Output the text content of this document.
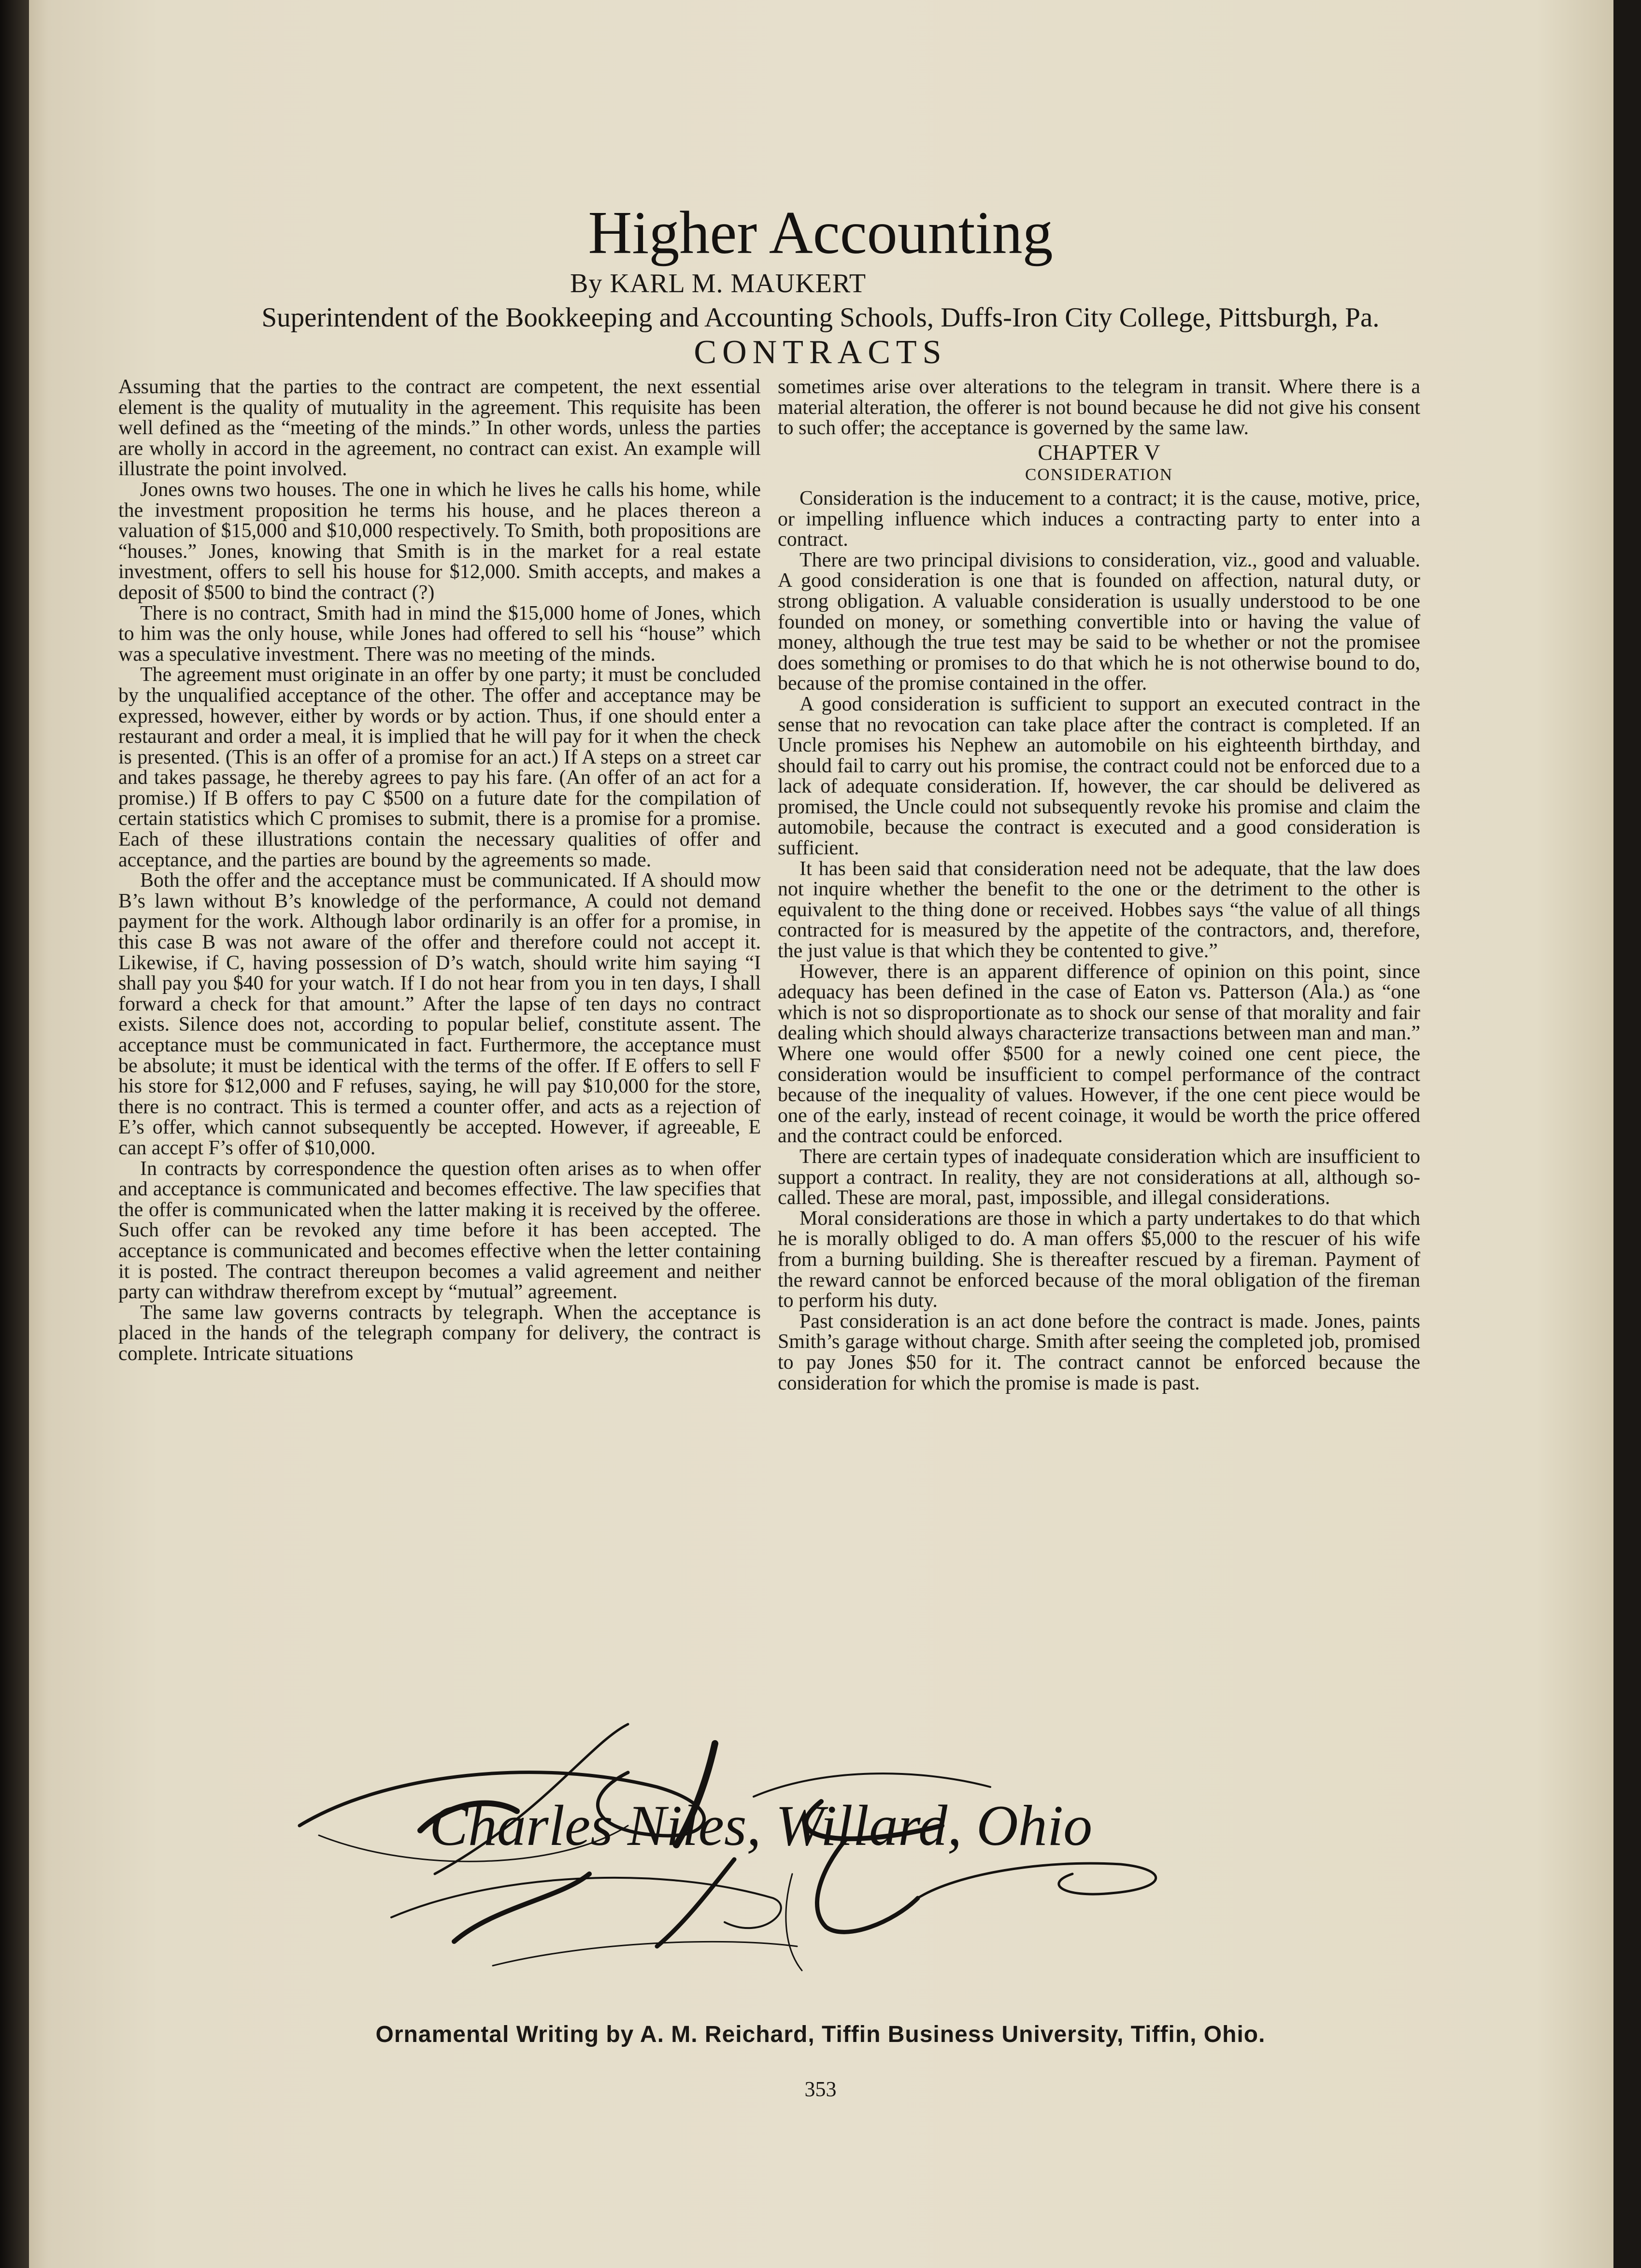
Higher Accounting
By KARL M. MAUKERT
Superintendent of the Bookkeeping and Accounting Schools, Duffs-Iron City College, Pittsburgh, Pa.
CONTRACTS

Assuming that the parties to the contract are competent, the next essential element is the quality of mutuality in the agreement. This requisite has been well defined as the “meeting of the minds.” In other words, unless the parties are wholly in accord in the agreement, no contract can exist. An example will illustrate the point involved.

Jones owns two houses. The one in which he lives he calls his home, while the investment proposition he terms his house, and he places thereon a valuation of $15,000 and $10,000 respectively. To Smith, both propositions are “houses.” Jones, knowing that Smith is in the market for a real estate investment, offers to sell his house for $12,000. Smith accepts, and makes a deposit of $500 to bind the contract (?)

There is no contract, Smith had in mind the $15,000 home of Jones, which to him was the only house, while Jones had offered to sell his “house” which was a speculative investment. There was no meeting of the minds.

The agreement must originate in an offer by one party; it must be concluded by the unqualified acceptance of the other. The offer and acceptance may be expressed, however, either by words or by action. Thus, if one should enter a restaurant and order a meal, it is implied that he will pay for it when the check is presented. (This is an offer of a promise for an act.) If A steps on a street car and takes passage, he thereby agrees to pay his fare. (An offer of an act for a promise.) If B offers to pay C $500 on a future date for the compilation of certain statistics which C promises to submit, there is a promise for a promise. Each of these illustrations contain the necessary qualities of offer and acceptance, and the parties are bound by the agreements so made.

Both the offer and the acceptance must be communicated. If A should mow B’s lawn without B’s knowledge of the performance, A could not demand payment for the work. Although labor ordinarily is an offer for a promise, in this case B was not aware of the offer and therefore could not accept it. Likewise, if C, having possession of D’s watch, should write him saying “I shall pay you $40 for your watch. If I do not hear from you in ten days, I shall forward a check for that amount.” After the lapse of ten days no contract exists. Silence does not, according to popular belief, constitute assent. The acceptance must be communicated in fact. Furthermore, the acceptance must be absolute; it must be identical with the terms of the offer. If E offers to sell F his store for $12,000 and F refuses, saying, he will pay $10,000 for the store, there is no contract. This is termed a counter offer, and acts as a rejection of E’s offer, which cannot subsequently be accepted. However, if agreeable, E can accept F’s offer of $10,000.

In contracts by correspondence the question often arises as to when offer and acceptance is communicated and becomes effective. The law specifies that the offer is communicated when the latter making it is received by the offeree. Such offer can be revoked any time before it has been accepted. The acceptance is communicated and becomes effective when the letter containing it is posted. The contract thereupon becomes a valid agreement and neither party can withdraw therefrom except by “mutual” agreement.

The same law governs contracts by telegraph. When the acceptance is placed in the hands of the telegraph company for delivery, the contract is complete. Intricate situations

sometimes arise over alterations to the telegram in transit. Where there is a material alteration, the offerer is not bound because he did not give his consent to such offer; the acceptance is governed by the same law.

CHAPTER V
CONSIDERATION

Consideration is the inducement to a contract; it is the cause, motive, price, or impelling influence which induces a contracting party to enter into a contract.

There are two principal divisions to consideration, viz., good and valuable. A good consideration is one that is founded on affection, natural duty, or strong obligation. A valuable consideration is usually understood to be one founded on money, or something convertible into or having the value of money, although the true test may be said to be whether or not the promisee does something or promises to do that which he is not otherwise bound to do, because of the promise contained in the offer.

A good consideration is sufficient to support an executed contract in the sense that no revocation can take place after the contract is completed. If an Uncle promises his Nephew an automobile on his eighteenth birthday, and should fail to carry out his promise, the contract could not be enforced due to a lack of adequate consideration. If, however, the car should be delivered as promised, the Uncle could not subsequently revoke his promise and claim the automobile, because the contract is executed and a good consideration is sufficient.

It has been said that consideration need not be adequate, that the law does not inquire whether the benefit to the one or the detriment to the other is equivalent to the thing done or received. Hobbes says “the value of all things contracted for is measured by the appetite of the contractors, and, therefore, the just value is that which they be contented to give.”

However, there is an apparent difference of opinion on this point, since adequacy has been defined in the case of Eaton vs. Patterson (Ala.) as “one which is not so disproportionate as to shock our sense of that morality and fair dealing which should always characterize transactions between man and man.” Where one would offer $500 for a newly coined one cent piece, the consideration would be insufficient to compel performance of the contract because of the inequality of values. However, if the one cent piece would be one of the early, instead of recent coinage, it would be worth the price offered and the contract could be enforced.

There are certain types of inadequate consideration which are insufficient to support a contract. In reality, they are not considerations at all, although so-called. These are moral, past, impossible, and illegal considerations.

Moral considerations are those in which a party undertakes to do that which he is morally obliged to do. A man offers $5,000 to the rescuer of his wife from a burning building. She is thereafter rescued by a fireman. Payment of the reward cannot be enforced because of the moral obligation of the fireman to perform his duty.

Past consideration is an act done before the contract is made. Jones, paints Smith’s garage without charge. Smith after seeing the completed job, promised to pay Jones $50 for it. The contract cannot be enforced because the consideration for which the promise is made is past.

Charles Niles, Willard, Ohio
Ornamental Writing by A. M. Reichard, Tiffin Business University, Tiffin, Ohio.
353
